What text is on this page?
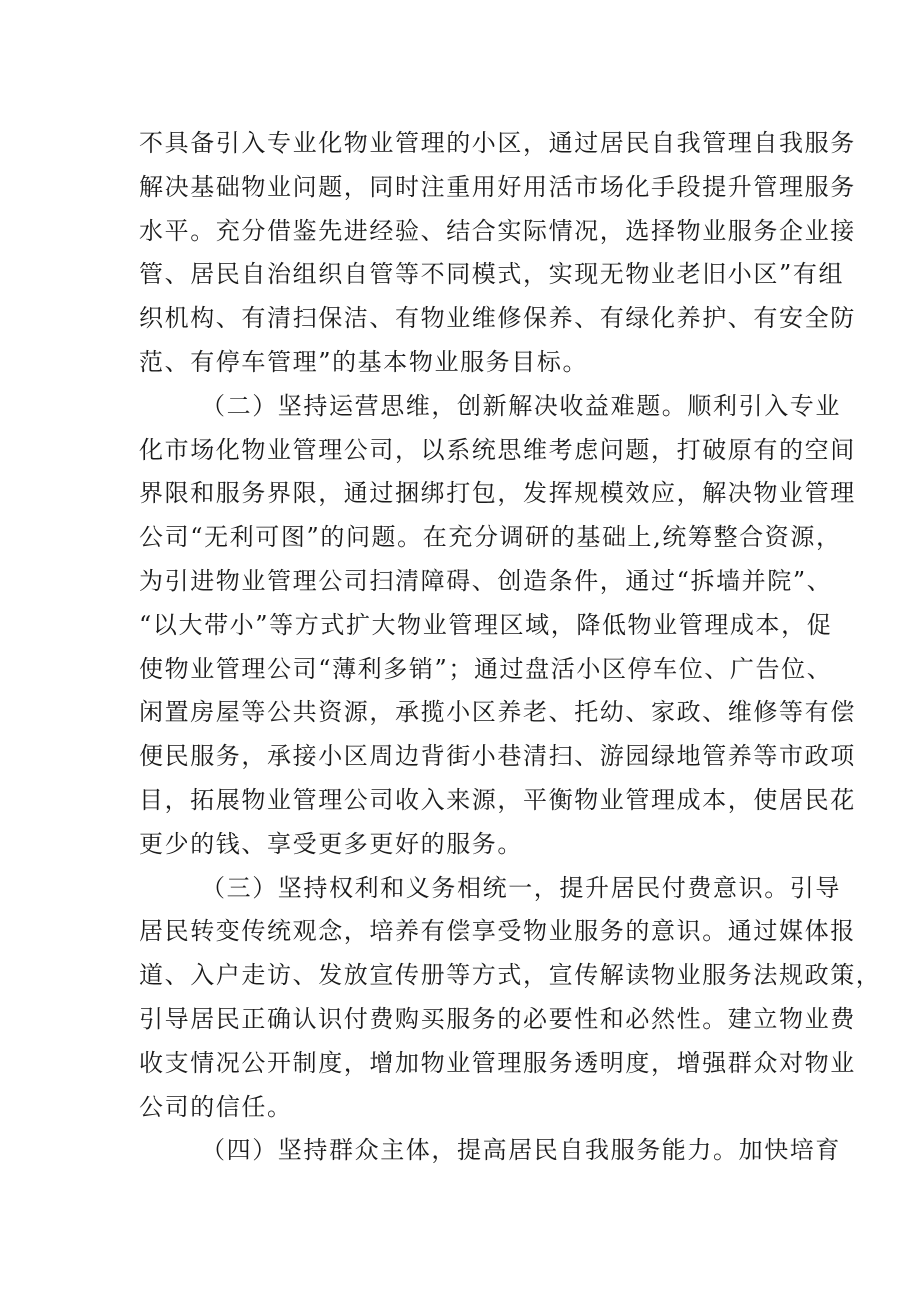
不具备引入专业化物业管理的小区，通过居民自我管理自我服务
解决基础物业问题，同时注重用好用活市场化手段提升管理服务
水平。充分借鉴先进经验、结合实际情况，选择物业服务企业接
管、居民自治组织自管等不同模式，实现无物业老旧小区”有组
织机构、有清扫保洁、有物业维修保养、有绿化养护、有安全防
范、有停车管理”的基本物业服务目标。
（二）坚持运营思维，创新解决收益难题。顺利引入专业
化市场化物业管理公司，以系统思维考虑问题，打破原有的空间
界限和服务界限，通过捆绑打包，发挥规模效应，解决物业管理
公司“无利可图”的问题。在充分调研的基础上,统筹整合资源，
为引进物业管理公司扫清障碍、创造条件，通过“拆墙并院”、
“以大带小”等方式扩大物业管理区域，降低物业管理成本，促
使物业管理公司“薄利多销”；通过盘活小区停车位、广告位、
闲置房屋等公共资源，承揽小区养老、托幼、家政、维修等有偿
便民服务，承接小区周边背街小巷清扫、游园绿地管养等市政项
目，拓展物业管理公司收入来源，平衡物业管理成本，使居民花
更少的钱、享受更多更好的服务。
（三）坚持权利和义务相统一，提升居民付费意识。引导
居民转变传统观念，培养有偿享受物业服务的意识。通过媒体报
道、入户走访、发放宣传册等方式，宣传解读物业服务法规政策，
引导居民正确认识付费购买服务的必要性和必然性。建立物业费
收支情况公开制度，增加物业管理服务透明度，增强群众对物业
公司的信任。
（四）坚持群众主体，提高居民自我服务能力。加快培育
